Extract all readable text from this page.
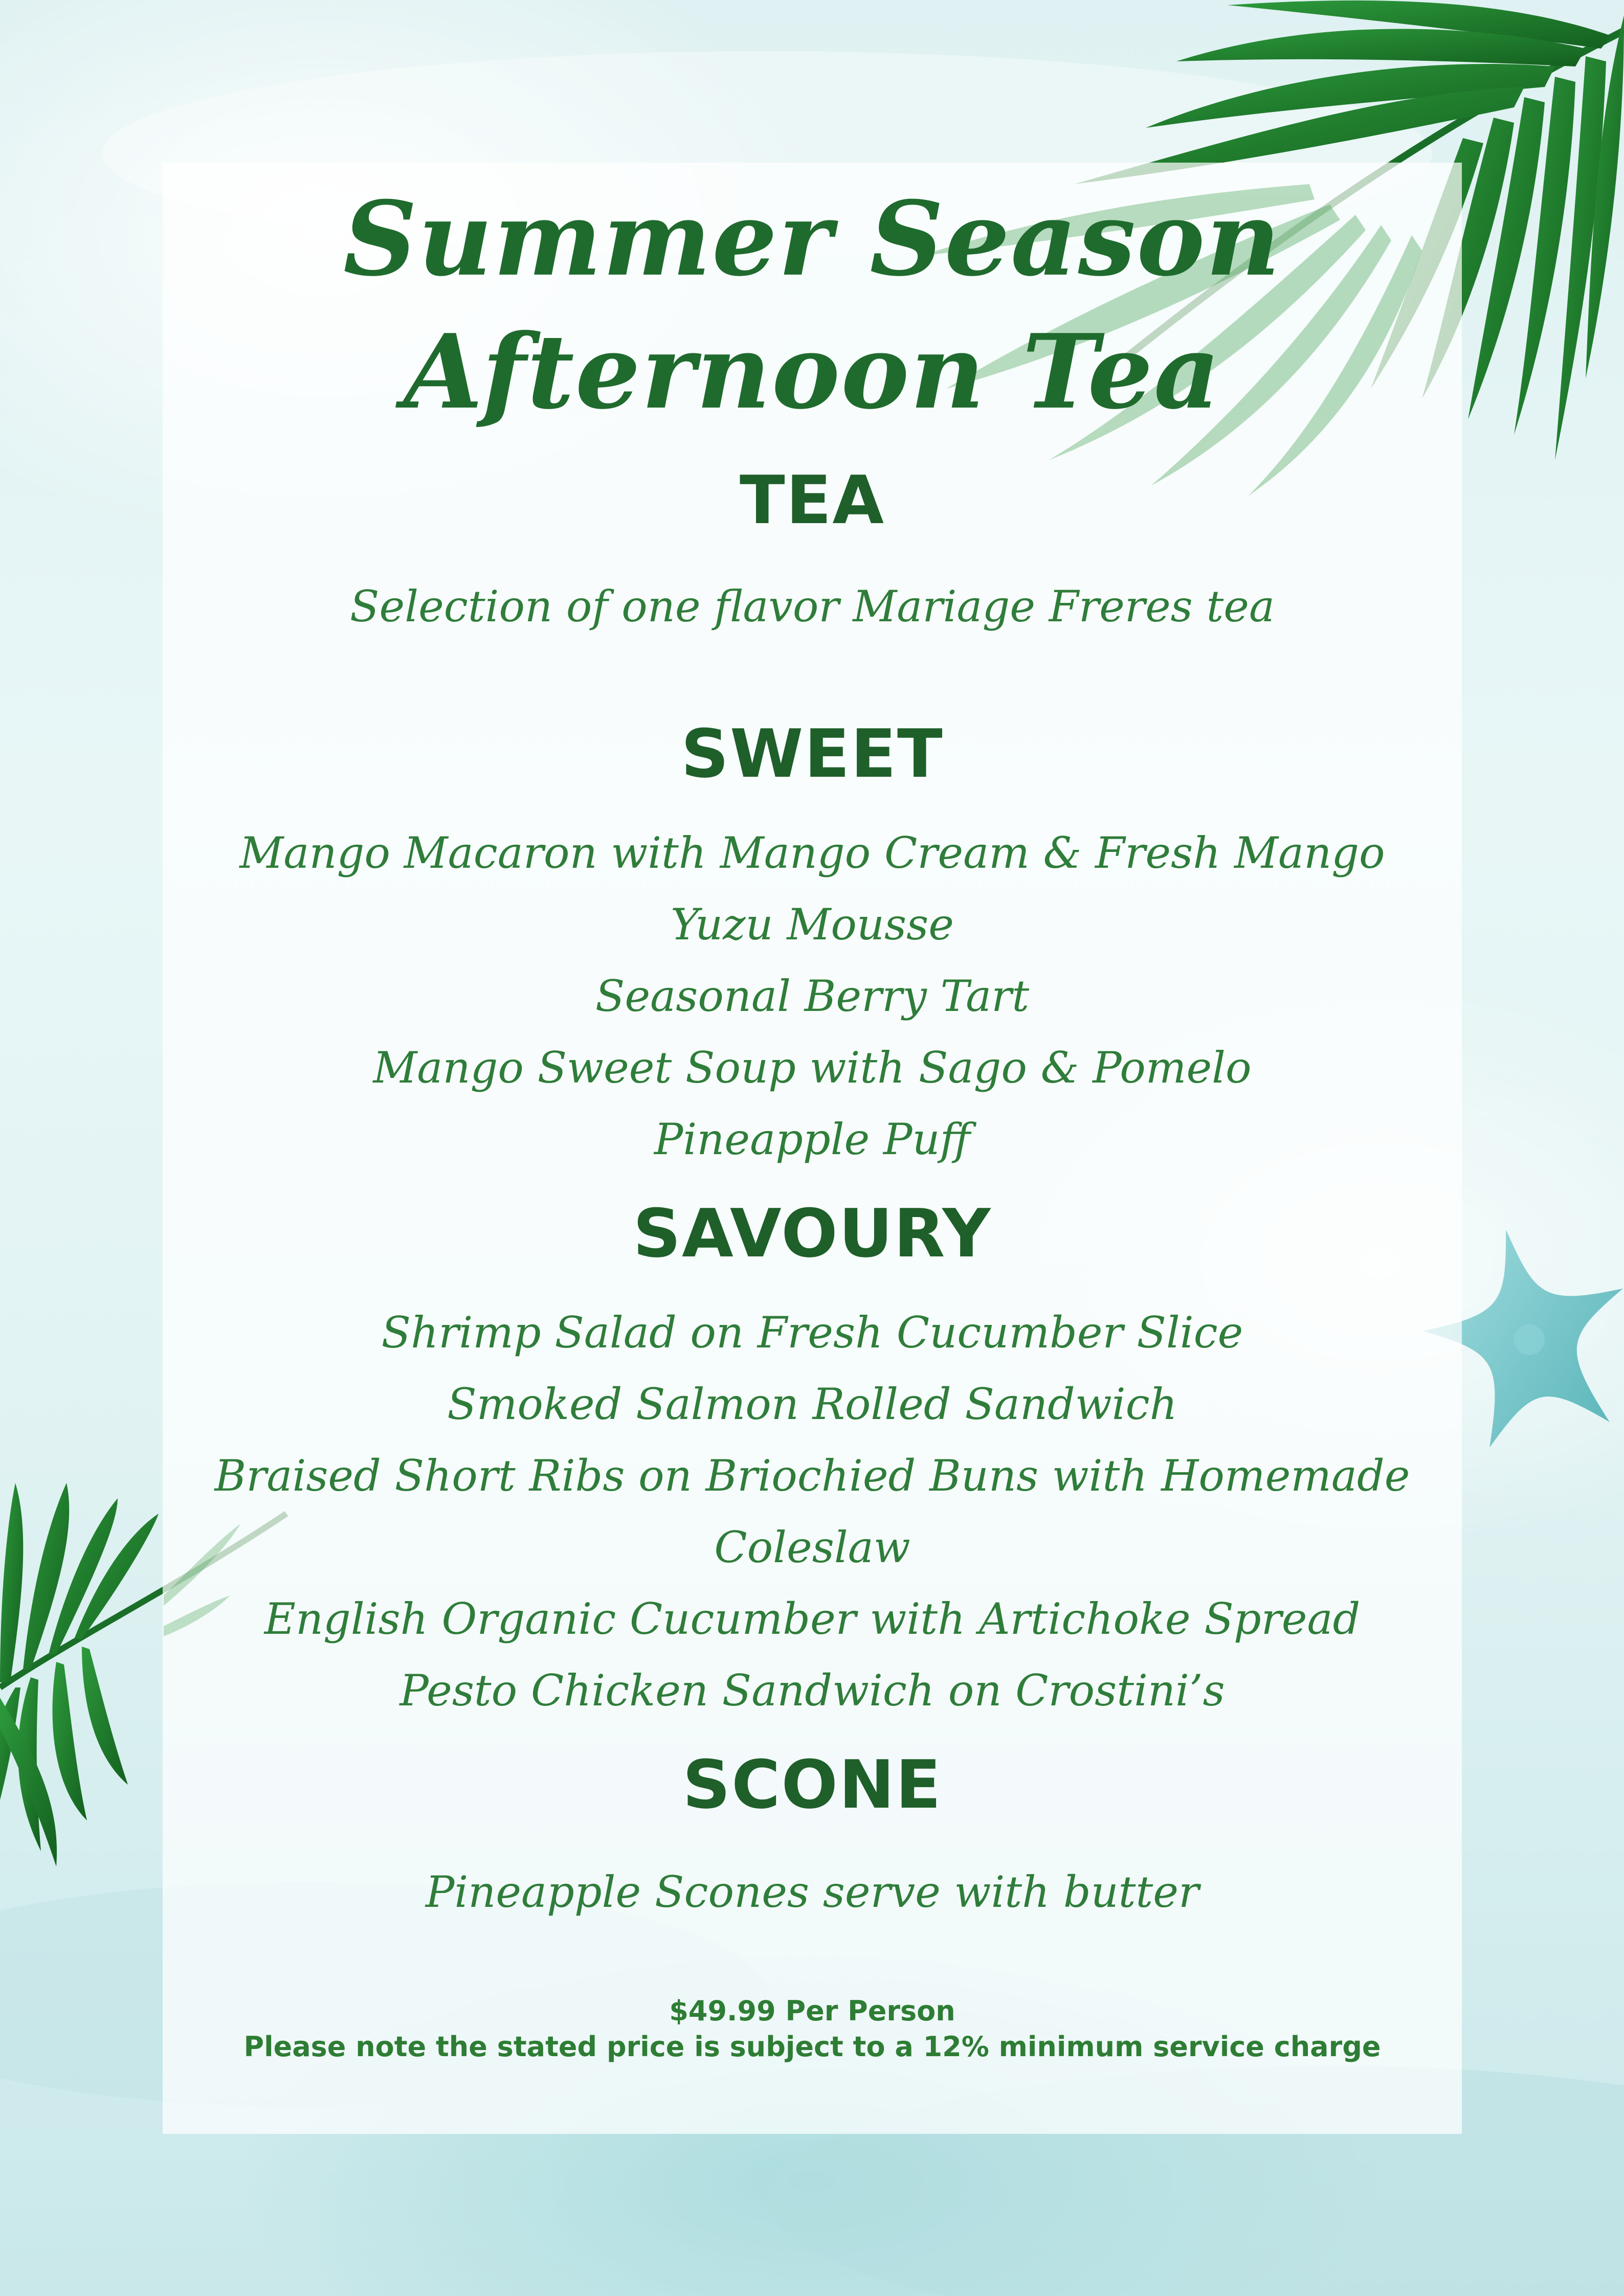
Summer Season
Afternoon Tea
TEA

Selection of one flavor Mariage Freres tea

SWEET

Mango Macaron with Mango Cream & Fresh Mango

Yuzu Mousse

Seasonal Berry Tart

Mango Sweet Soup with Sago & Pomelo

Pineapple Puff

SAVOURY

Shrimp Salad on Fresh Cucumber Slice

Smoked Salmon Rolled Sandwich

Braised Short Ribs on Briochied Buns with Homemade Coleslaw

English Organic Cucumber with Artichoke Spread

Pesto Chicken Sandwich on Crostini’s

SCONE

Pineapple Scones serve with butter

$49.99 Per Person

Please note the stated price is subject to a 12% minimum service charge
